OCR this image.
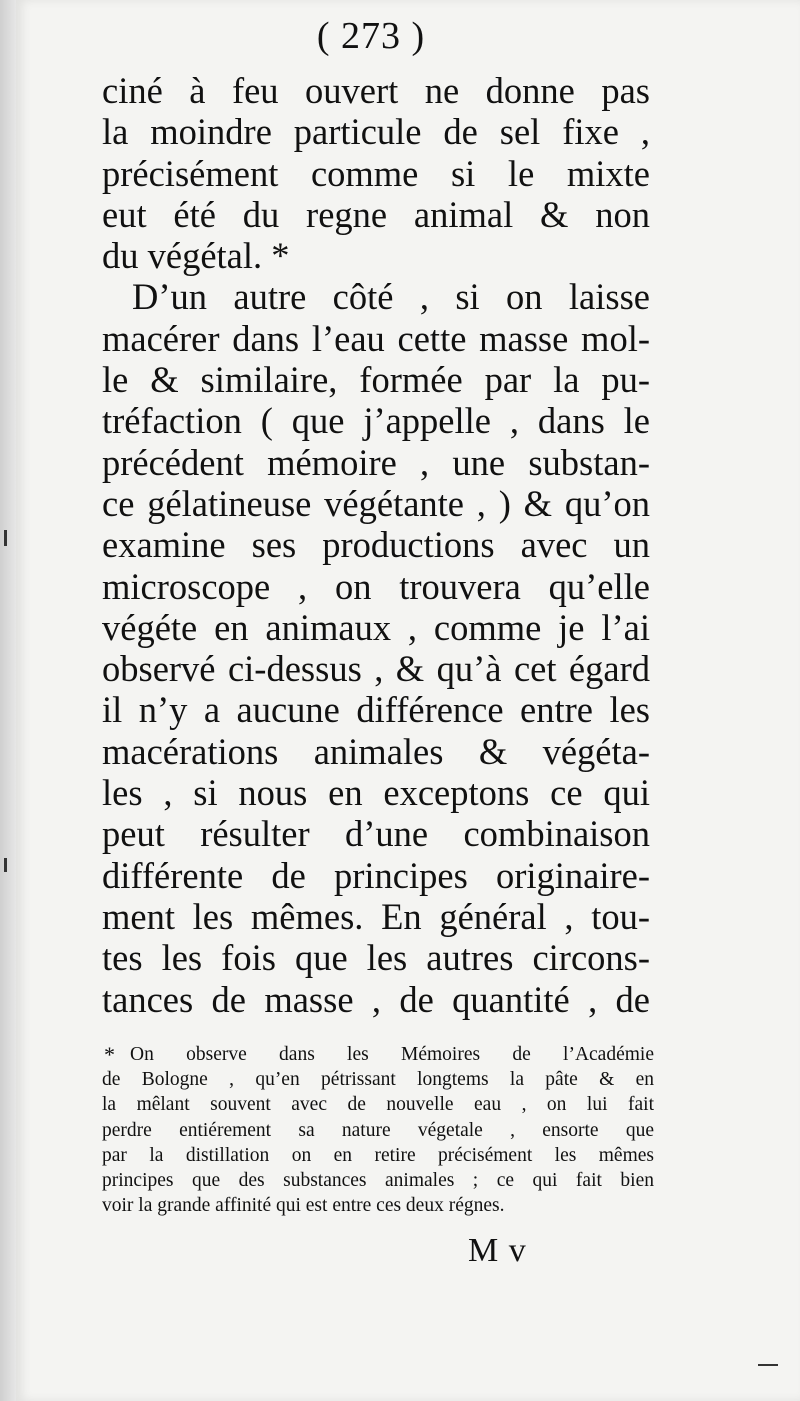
( 273 )
ciné à feu ouvert ne donne pas
la moindre particule de sel fixe ,
précisément comme si le mixte
eut été du regne animal & non
du végétal. *
D’un autre côté , si on laisse
macérer dans l’eau cette masse mol-
le & similaire, formée par la pu-
tréfaction ( que j’appelle , dans le
précédent mémoire , une substan-
ce gélatineuse végétante , ) & qu’on
examine ses productions avec un
microscope , on trouvera qu’elle
végéte en animaux , comme je l’ai
observé ci-dessus , & qu’à cet égard
il n’y a aucune différence entre les
macérations animales & végéta-
les , si nous en exceptons ce qui
peut résulter d’une combinaison
différente de principes originaire-
ment les mêmes. En général , tou-
tes les fois que les autres circons-
tances de masse , de quantité , de
* On observe dans les Mémoires de l’Académie
de Bologne , qu’en pétrissant longtems la pâte & en
la mêlant souvent avec de nouvelle eau , on lui fait
perdre entiérement sa nature végetale , ensorte que
par la distillation on en retire précisément les mêmes
principes que des substances animales ; ce qui fait bien
voir la grande affinité qui est entre ces deux régnes.
M v
